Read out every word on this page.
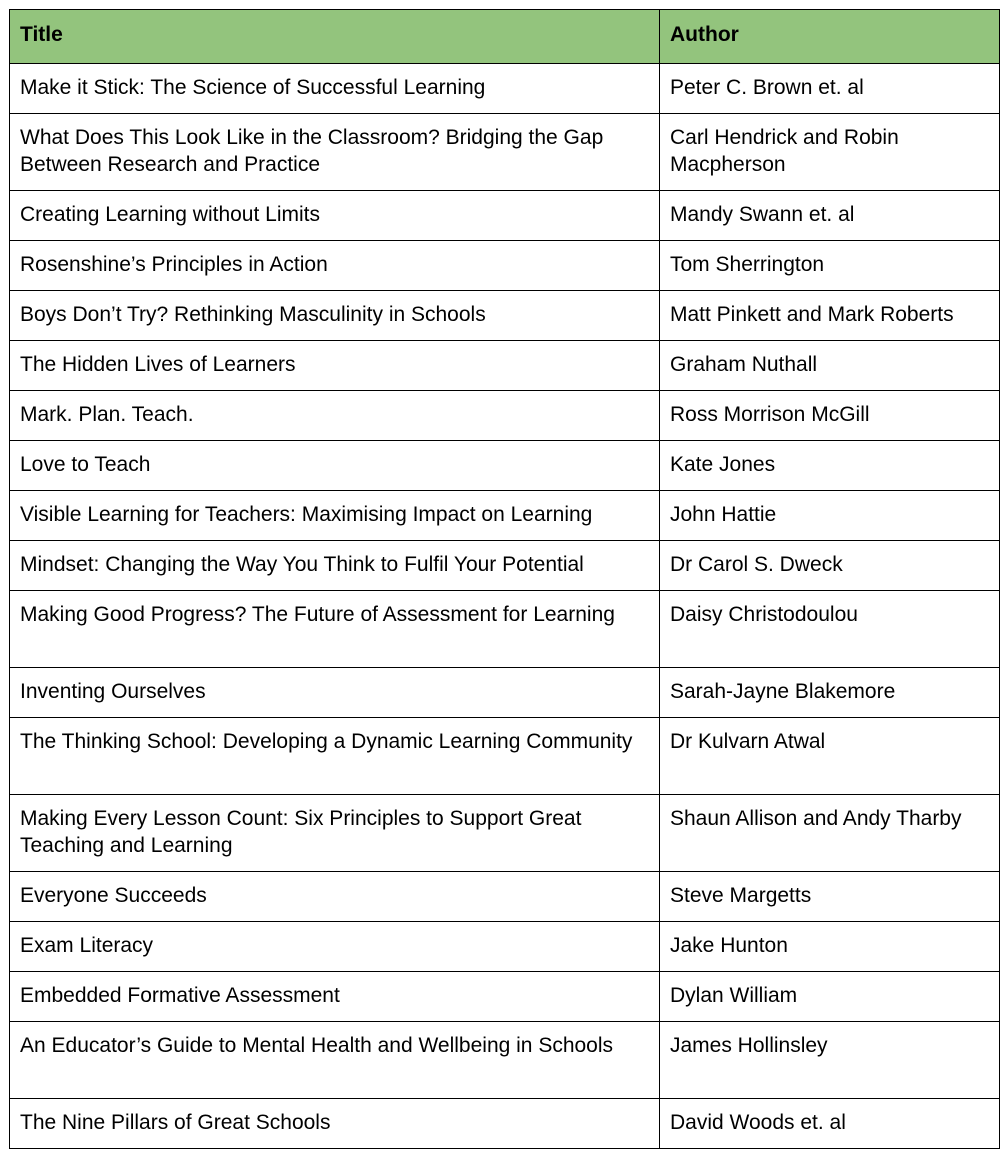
Title	Author
Make it Stick: The Science of Successful Learning	Peter C. Brown et. al
What Does This Look Like in the Classroom? Bridging the Gap Between Research and Practice	Carl Hendrick and Robin Macpherson
Creating Learning without Limits	Mandy Swann et. al
Rosenshine’s Principles in Action	Tom Sherrington
Boys Don’t Try? Rethinking Masculinity in Schools	Matt Pinkett and Mark Roberts
The Hidden Lives of Learners	Graham Nuthall
Mark. Plan. Teach.	Ross Morrison McGill
Love to Teach	Kate Jones
Visible Learning for Teachers: Maximising Impact on Learning	John Hattie
Mindset: Changing the Way You Think to Fulfil Your Potential	Dr Carol S. Dweck
Making Good Progress? The Future of Assessment for Learning	Daisy Christodoulou
Inventing Ourselves	Sarah-Jayne Blakemore
The Thinking School: Developing a Dynamic Learning Community	Dr Kulvarn Atwal
Making Every Lesson Count: Six Principles to Support Great Teaching and Learning	Shaun Allison and Andy Tharby
Everyone Succeeds	Steve Margetts
Exam Literacy	Jake Hunton
Embedded Formative Assessment	Dylan William
An Educator’s Guide to Mental Health and Wellbeing in Schools	James Hollinsley
The Nine Pillars of Great Schools	David Woods et. al
